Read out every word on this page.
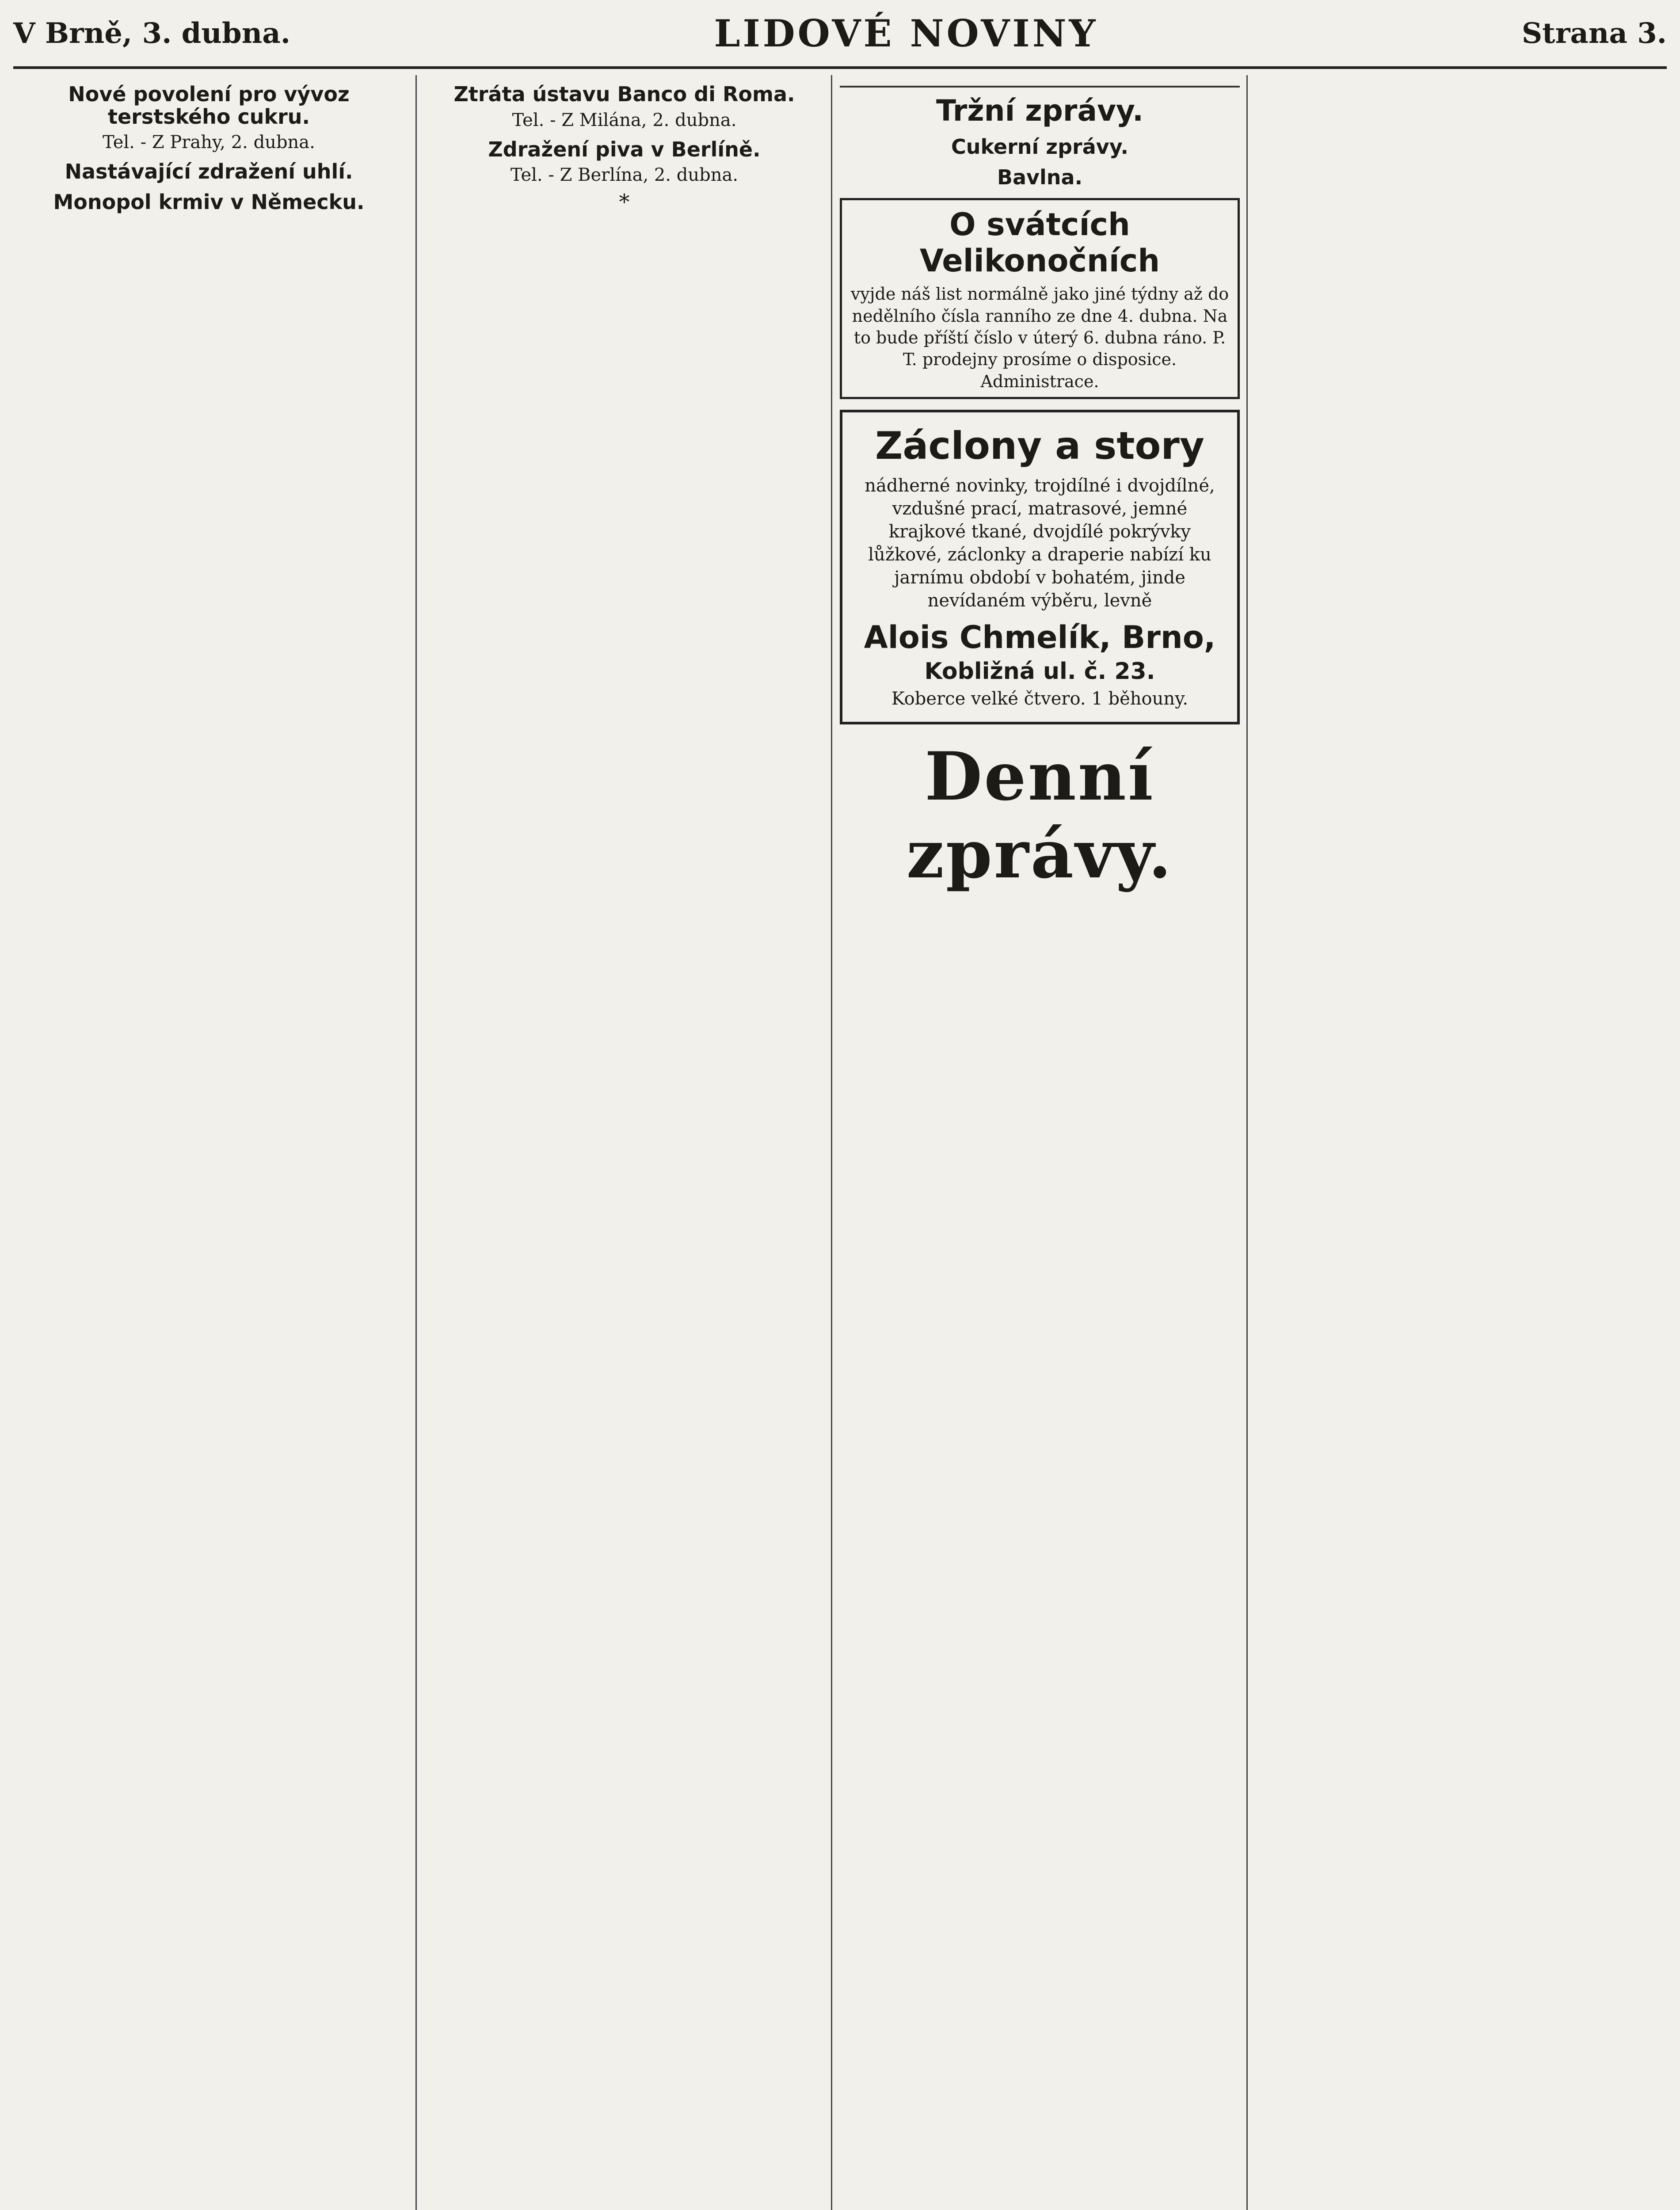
V Brně, 3. dubna.	LIDOVÉ NOVINY	Strana 3.
Nové povolení pro vývoz terstského cukru.

Tel. - Z Prahy, 2. dubna.

Nastávající zdražení uhlí.
Monopol krmiv v Německu.
Ztráta ústavu Banco di Roma.

Tel. - Z Milána, 2. dubna.

Zdražení piva v Berlíně.

Tel. - Z Berlína, 2. dubna.

*
Tržní zprávy.
Cukerní zprávy.
Bavlna.
O svátcích Velikonočních
vyjde náš list normálně jako jiné týdny až do nedělního čísla ranního ze dne 4. dubna. Na to bude příští číslo v úterý 6. dubna ráno. P. T. prodejny prosíme o disposice. Administrace.
Záclony a story
nádherné novinky, trojdílné i dvojdílné, vzdušné prací, matrasové, jemné krajkové tkané, dvojdílé pokrývky lůžkové, záclonky a draperie nabízí ku jarnímu období v bohatém, jinde nevídaném výběru, levně
Alois Chmelík, Brno,
Kobližná ul. č. 23.
Koberce velké čtvero. 1 běhouny.
Denní zprávy.
